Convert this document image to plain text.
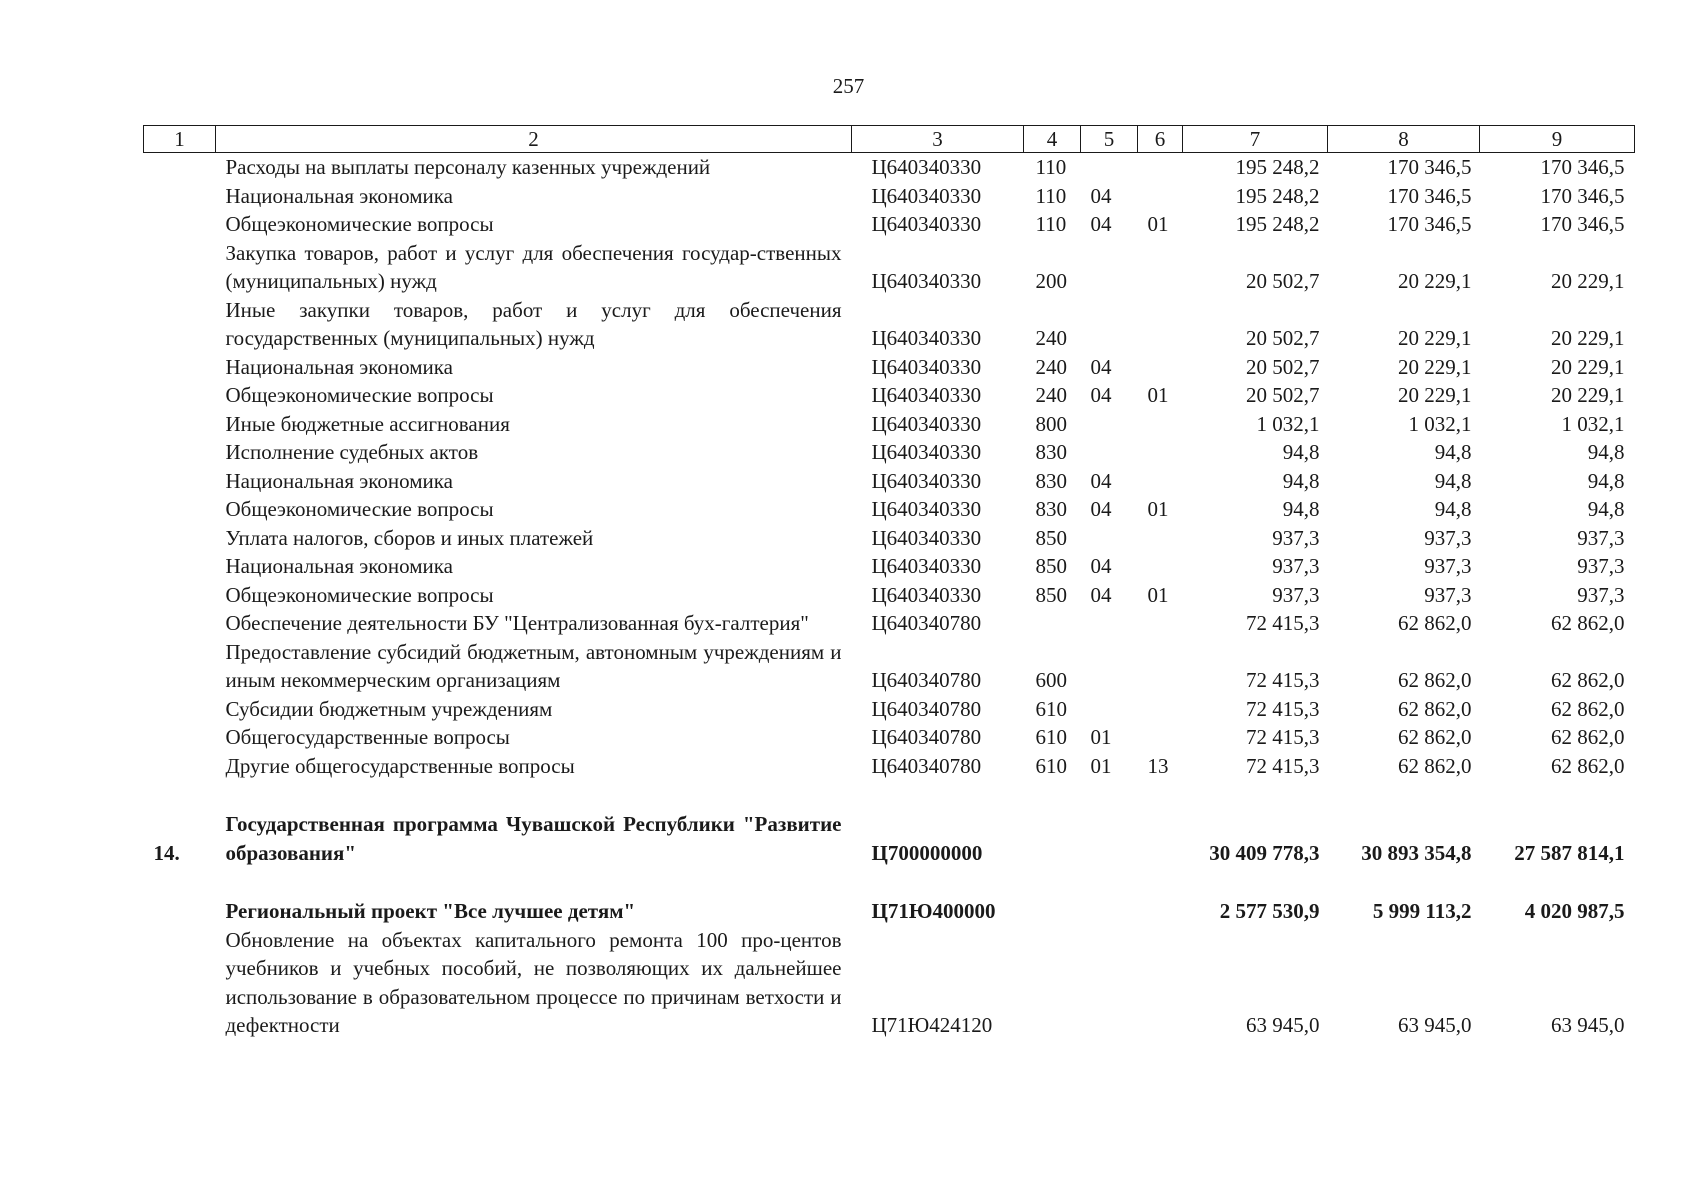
257
1	2	3	4	5	6	7	8	9
	Расходы на выплаты персоналу казенных учреждений	Ц640340330	110			195 248,2	170 346,5	170 346,5
	Национальная экономика	Ц640340330	110	04		195 248,2	170 346,5	170 346,5
	Общеэкономические вопросы	Ц640340330	110	04	01	195 248,2	170 346,5	170 346,5
	Закупка товаров, работ и услуг для обеспечения государ-ственных (муниципальных) нужд	Ц640340330	200			20 502,7	20 229,1	20 229,1
	Иные закупки товаров, работ и услуг для обеспечения государственных (муниципальных) нужд	Ц640340330	240			20 502,7	20 229,1	20 229,1
	Национальная экономика	Ц640340330	240	04		20 502,7	20 229,1	20 229,1
	Общеэкономические вопросы	Ц640340330	240	04	01	20 502,7	20 229,1	20 229,1
	Иные бюджетные ассигнования	Ц640340330	800			1 032,1	1 032,1	1 032,1
	Исполнение судебных актов	Ц640340330	830			94,8	94,8	94,8
	Национальная экономика	Ц640340330	830	04		94,8	94,8	94,8
	Общеэкономические вопросы	Ц640340330	830	04	01	94,8	94,8	94,8
	Уплата налогов, сборов и иных платежей	Ц640340330	850			937,3	937,3	937,3
	Национальная экономика	Ц640340330	850	04		937,3	937,3	937,3
	Общеэкономические вопросы	Ц640340330	850	04	01	937,3	937,3	937,3
	Обеспечение деятельности БУ "Централизованная бух-галтерия"	Ц640340780				72 415,3	62 862,0	62 862,0
	Предоставление субсидий бюджетным, автономным учреждениям и иным некоммерческим организациям	Ц640340780	600			72 415,3	62 862,0	62 862,0
	Субсидии бюджетным учреждениям	Ц640340780	610			72 415,3	62 862,0	62 862,0
	Общегосударственные вопросы	Ц640340780	610	01		72 415,3	62 862,0	62 862,0
	Другие общегосударственные вопросы	Ц640340780	610	01	13	72 415,3	62 862,0	62 862,0

14.	Государственная программа Чувашской Республики "Развитие образования"	Ц700000000				30 409 778,3	30 893 354,8	27 587 814,1

	Региональный проект "Все лучшее детям"	Ц71Ю400000				2 577 530,9	5 999 113,2	4 020 987,5
	Обновление на объектах капитального ремонта 100 про-центов учебников и учебных пособий, не позволяющих их дальнейшее использование в образовательном процессе по причинам ветхости и дефектности	Ц71Ю424120				63 945,0	63 945,0	63 945,0
